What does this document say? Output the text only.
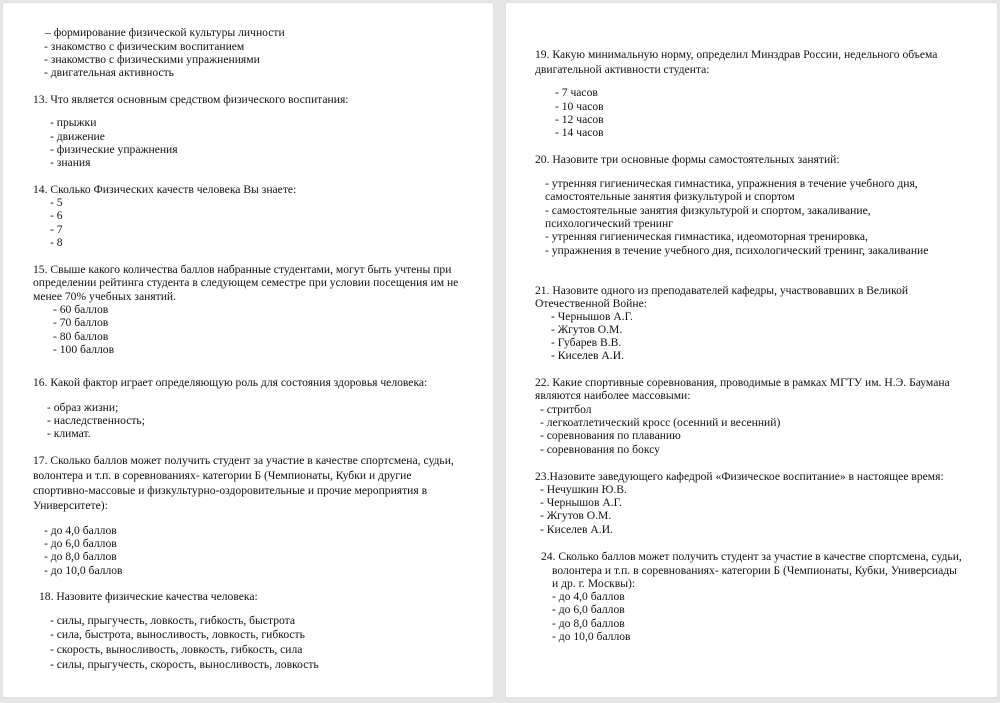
– формирование физической культуры личности
- знакомство с физическим воспитанием
- знакомство с физическими упражнениями
- двигательная активность
13. Что является основным средством физического воспитания:
- прыжки
- движение
- физические упражнения
- знания
14. Сколько Физических качеств человека Вы знаете:
- 5
- 6
- 7
- 8
15. Свыше какого количества баллов набранные студентами, могут быть учтены при
определении рейтинга студента в следующем семестре при условии посещения им не
менее 70% учебных занятий.
- 60 баллов
- 70 баллов
- 80 баллов
- 100 баллов
16. Какой фактор играет определяющую роль для состояния здоровья человека:
- образ жизни;
- наследственность;
- климат.
17. Сколько баллов может получить студент за участие в качестве спортсмена, судьи,
волонтера и т.п. в соревнованиях- категории Б (Чемпионаты, Кубки и другие
спортивно-массовые и физкультурно-оздоровительные и прочие мероприятия в
Университете):
- до 4,0 баллов
- до 6,0 баллов
- до 8,0 баллов
- до 10,0 баллов
18. Назовите физические качества человека:
- силы, прыгучесть, ловкость, гибкость, быстрота
- сила, быстрота, выносливость, ловкость, гибкость
- скорость, выносливость, ловкость, гибкость, сила
- силы, прыгучесть, скорость, выносливость, ловкость
19. Какую минимальную норму, определил Минздрав России, недельного объема
двигательной активности студента:
- 7 часов
- 10 часов
- 12 часов
- 14 часов
20. Назовите три основные формы самостоятельных занятий:
- утренняя гигиеническая гимнастика, упражнения в течение учебного дня,
самостоятельные занятия физкультурой и спортом
- самостоятельные занятия физкультурой и спортом, закаливание,
психологический тренинг
- утренняя гигиеническая гимнастика, идеомоторная тренировка,
- упражнения в течение учебного дня, психологический тренинг, закаливание
21. Назовите одного из преподавателей кафедры, участвовавших в Великой
Отечественной Войне:
- Чернышов А.Г.
- Жгутов О.М.
- Губарев В.В.
- Киселев А.И.
22. Какие спортивные соревнования, проводимые в рамках МГТУ им. Н.Э. Баумана
являются наиболее массовыми:
- стритбол
- легкоатлетический кросс (осенний и весенний)
- соревнования по плаванию
- соревнования по боксу
23.Назовите заведующего кафедрой «Физическое воспитание» в настоящее время:
- Нечушкин Ю.В.
- Чернышов А.Г.
- Жгутов О.М.
- Киселев А.И.
24. Сколько баллов может получить студент за участие в качестве спортсмена, судьи,
волонтера и т.п. в соревнованиях- категории Б (Чемпионаты, Кубки, Универсиады
и др. г. Москвы):
- до 4,0 баллов
- до 6,0 баллов
- до 8,0 баллов
- до 10,0 баллов
